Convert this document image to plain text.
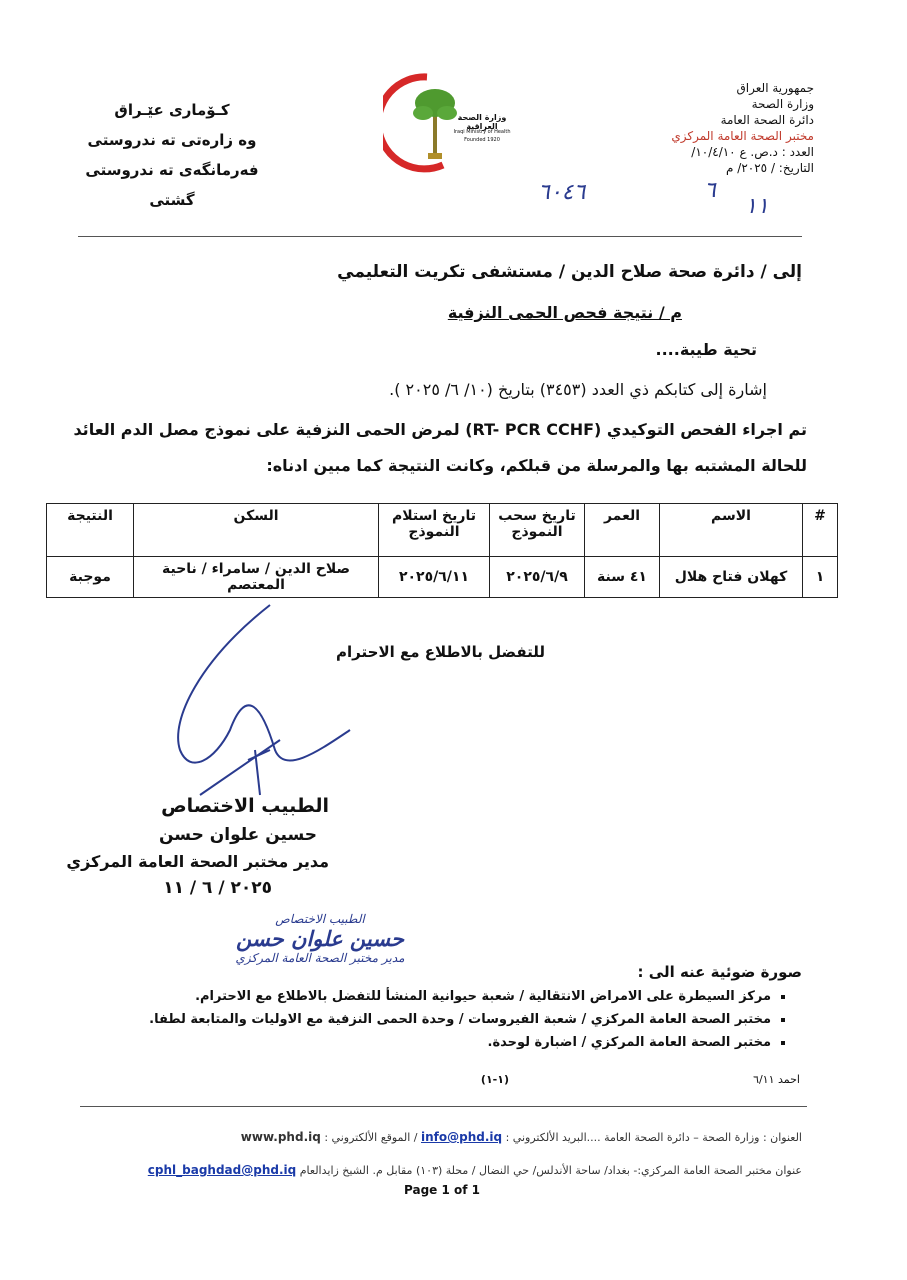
جمهورية العراق
وزارة الصحة
دائرة الصحة العامة
مختبر الصحة العامة المركزي
العدد : د.ص. ع ١٠/٤/١٠/
التاريخ: / ٢٠٢٥/ م
كـۆماری عێـراق
وه زارەتی ته ندروستی
فەرمانگەی ته ندروستی گشتی
وزارة الصحة العراقية
Iraqi Ministry of Health
Founded 1920
٦٠٤٦	٦
١١
إلى / دائرة صحة صلاح الدين / مستشفى تكريت التعليمي
م / نتيجة فحص الحمى النزفية
تحية طيبة....
إشارة إلى كتابكم ذي العدد (٣٤٥٣) بتاريخ (١٠/ ٦/ ٢٠٢٥ ).
تم اجراء الفحص التوكيدي (RT- PCR CCHF) لمرض الحمى النزفية على نموذج مصل الدم العائد
للحالة المشتبه بها والمرسلة من قبلكم، وكانت النتيجة كما مبين ادناه:
#	الاسم	العمر	تاريخ سحب النموذج	تاريخ استلام النموذج	السكن	النتيجة
١	كهلان فتاح هلال	٤١ سنة	٢٠٢٥/٦/٩	٢٠٢٥/٦/١١	صلاح الدين / سامراء / ناحية المعتصم	موجبة
للتفضل بالاطلاع مع الاحترام
الطبيب الاختصاص
حسين علوان حسن
مدير مختبر الصحة العامة المركزي
٢٠٢٥ / ٦ / ١١
الطبيب الاختصاص
حسين علوان حسن
مدير مختبر الصحة العامة المركزي
صورة ضوئية عنه الى :
▪ مركز السيطرة على الامراض الانتقالية / شعبة حيوانية المنشأ للتفضل بالاطلاع مع الاحترام.
▪ مختبر الصحة العامة المركزي / شعبة الفيروسات / وحدة الحمى النزفية مع الاوليات والمتابعة لطفا.
▪ مختبر الصحة العامة المركزي / اضبارة لوحدة.
احمد ٦/١١
(١-١)
العنوان : وزارة الصحة – دائرة الصحة العامة ....البريد الألكتروني : info@phd.iq / الموقع الألكتروني : www.phd.iq
عنوان مختبر الصحة العامة المركزي:- بغداد/ ساحة الأندلس/ حي النضال / محلة (١٠٣) مقابل م. الشيخ زايدالعام cphl_baghdad@phd.iq
Page 1 of 1
